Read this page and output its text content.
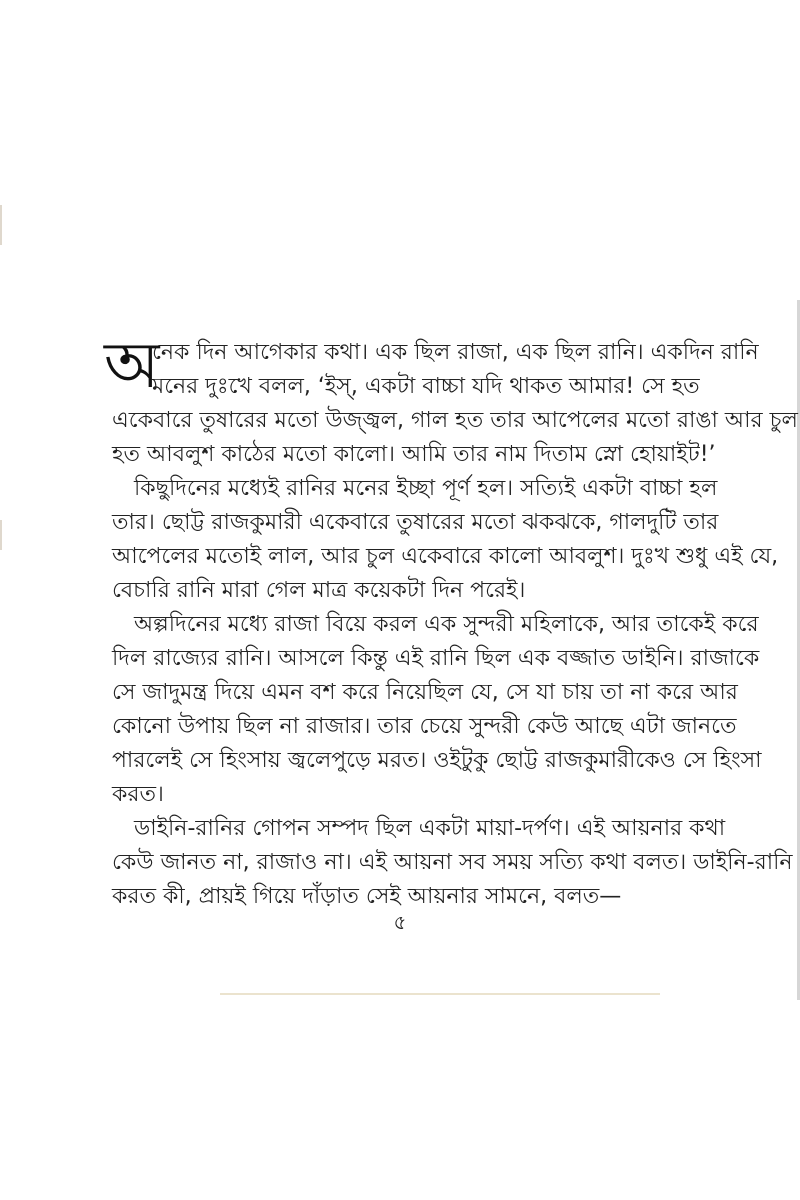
অ
নেক দিন আগেকার কথা। এক ছিল রাজা, এক ছিল রানি। একদিন রানি
মনের দুঃখে বলল, ‘ইস্, একটা বাচ্চা যদি থাকত আমার! সে হত
একেবারে তুষারের মতো উজ্জ্বল, গাল হত তার আপেলের মতো রাঙা আর চুল
হত আবলুশ কাঠের মতো কালো। আমি তার নাম দিতাম স্নো হোয়াইট!’
কিছুদিনের মধ্যেই রানির মনের ইচ্ছা পূর্ণ হল। সত্যিই একটা বাচ্চা হল
তার। ছোট্ট রাজকুমারী একেবারে তুষারের মতো ঝকঝকে, গালদুটি তার
আপেলের মতোই লাল, আর চুল একেবারে কালো আবলুশ। দুঃখ শুধু এই যে,
বেচারি রানি মারা গেল মাত্র কয়েকটা দিন পরেই।
অল্পদিনের মধ্যে রাজা বিয়ে করল এক সুন্দরী মহিলাকে, আর তাকেই করে
দিল রাজ্যের রানি। আসলে কিন্তু এই রানি ছিল এক বজ্জাত ডাইনি। রাজাকে
সে জাদুমন্ত্র দিয়ে এমন বশ করে নিয়েছিল যে, সে যা চায় তা না করে আর
কোনো উপায় ছিল না রাজার। তার চেয়ে সুন্দরী কেউ আছে এটা জানতে
পারলেই সে হিংসায় জ্বলেপুড়ে মরত। ওইটুকু ছোট্ট রাজকুমারীকেও সে হিংসা
করত।
ডাইনি-রানির গোপন সম্পদ ছিল একটা মায়া-দর্পণ। এই আয়নার কথা
কেউ জানত না, রাজাও না। এই আয়না সব সময় সত্যি কথা বলত। ডাইনি-রানি
করত কী, প্রায়ই গিয়ে দাঁড়াত সেই আয়নার সামনে, বলত—
৫
